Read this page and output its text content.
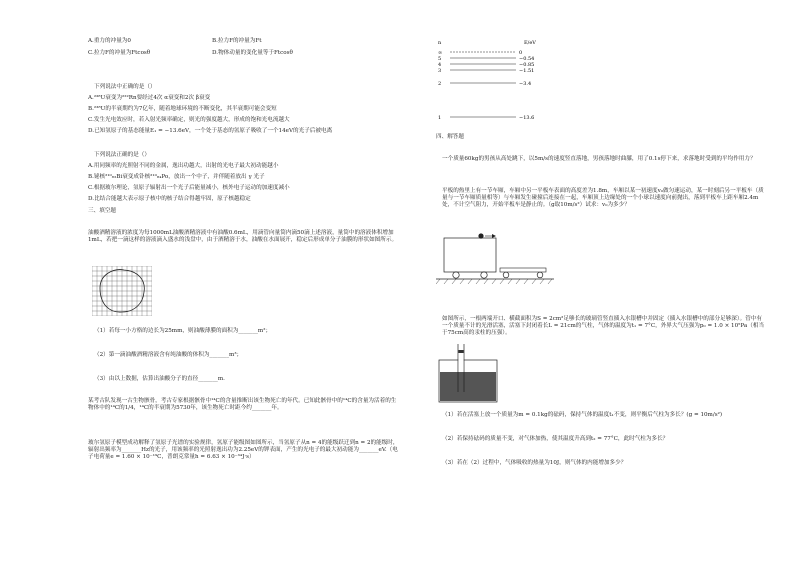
A.重力的冲量为0	B.拉力F的冲量为Ft
C.拉力F的冲量为Ftcosθ	D.物体动量的变化量等于Ftcosθ
下列说法中正确的是（）
A.²³⁸U衰变为²²²Rn要经过4次 α衰变和2次 β衰变
B.²³⁸U的半衰期约为7亿年，随着地球环境的不断变化，其半衰期可能会变短
C.发生光电效应时，若入射光频率确定，则光的强度越大，形成的饱和光电流越大
D.已知氢原子的基态能量E₁ = −13.6eV，一个处于基态的氢原子吸收了一个14eV的光子后被电离
下列说法正确的是（）
A.用同频率的光照射不同的金属，逸出功越大，出射的光电子最大初动能越小
B.铋核²¹⁰₈₃Bi衰变成钋核²¹⁰₈₄Po，放出一个中子，并伴随着放出 γ 光子
C.根据玻尔理论，氢原子辐射出一个光子后能量减小，核外电子运动的加速度减小
D.比结合能越大表示原子核中的核子结合得越牢固，原子核越稳定
三、填空题
油酸酒精溶液的浓度为每1000mL油酸酒精溶液中有油酸0.6mL，用滴管向量筒内滴50滴上述溶液，量筒中的溶液体积增加1mL，若把一滴这样的溶液滴入盛水的浅盘中，由于酒精溶于水，油酸在水面展开，稳定后形成单分子油膜的形状如图所示。
（1）若每一小方格的边长为25mm，则油酸薄膜的面积为_______m²；
（2）第一滴油酸酒精溶液含有纯油酸的体积为_______m³；
（3）由以上数据，估算出油酸分子的直径_______m.
某考古队发现一古生物骸骨，考古专家根据骸骨中¹⁴C的含量推断出该生物死亡的年代。已知此骸骨中的¹⁴C的含量为活着的生物体中的¹⁴C的1/4，¹⁴C的半衰期为5730年，该生物死亡时距今约_______年。
玻尔氢原子模型成功解释了氢原子光谱的实验规律，氢原子能级图如图所示，当氢原子从n = 4的能级跃迁到n = 2的能级时，辐射出频率为_______Hz的光子，用该频率的光照射逸出功为2.25eV的钾表面，产生的光电子的最大初动能为_______eV.（电子电荷量e = 1.60 × 10⁻¹⁹C，普朗克常量h = 6.63 × 10⁻³⁴J·s）
n	E/eV
∞	0
5	−0.54
4	−0.85
3	−1.51
2	−3.4
1	−13.6
四、解答题
一个质量60kg的男孩从高处跳下，以5m/s的速度竖直落地，男孩落地时曲膝，用了0.1s停下来，求落地时受到的平均作用力？
平板的热里上有一节车厢，车厢中另一平板车表面的高度差为1.8m，车厢以某一初速度v₀做匀速运动，某一时刻后另一平板车（质量与一节车厢质量相等）与车厢发生碰撞后连接在一起，车厢顶上边缘处的一个小球以速度向前抛出，落到平板车上距车厢2.4m处，不计空气阻力，开始平板车是静止的。（g取10m/s²）试求：v₀为多少？
如图所示，一根两端开口、横截面积为S = 2cm²足够长的玻璃管竖直插入水银槽中并固定（插入水银槽中的部分足够深）。管中有一个质量不计的光滑活塞，活塞下封闭着长L = 21cm的气柱，气体的温度为t₁ = 7°C，外界大气压强为p₀ = 1.0 × 10⁵Pa（相当于75cm高的汞柱的压强）。
（1）若在活塞上放一个质量为m = 0.1kg的砝码，保持气体的温度t₁不变，则平衡后气柱为多长？(g = 10m/s²)
（2）若保持砝码的质量不变，对气体加热，使其温度升高到t₂ = 77°C，此时气柱为多长？
（3）若在（2）过程中，气体吸收的热量为10J，则气体的内能增加多少？
